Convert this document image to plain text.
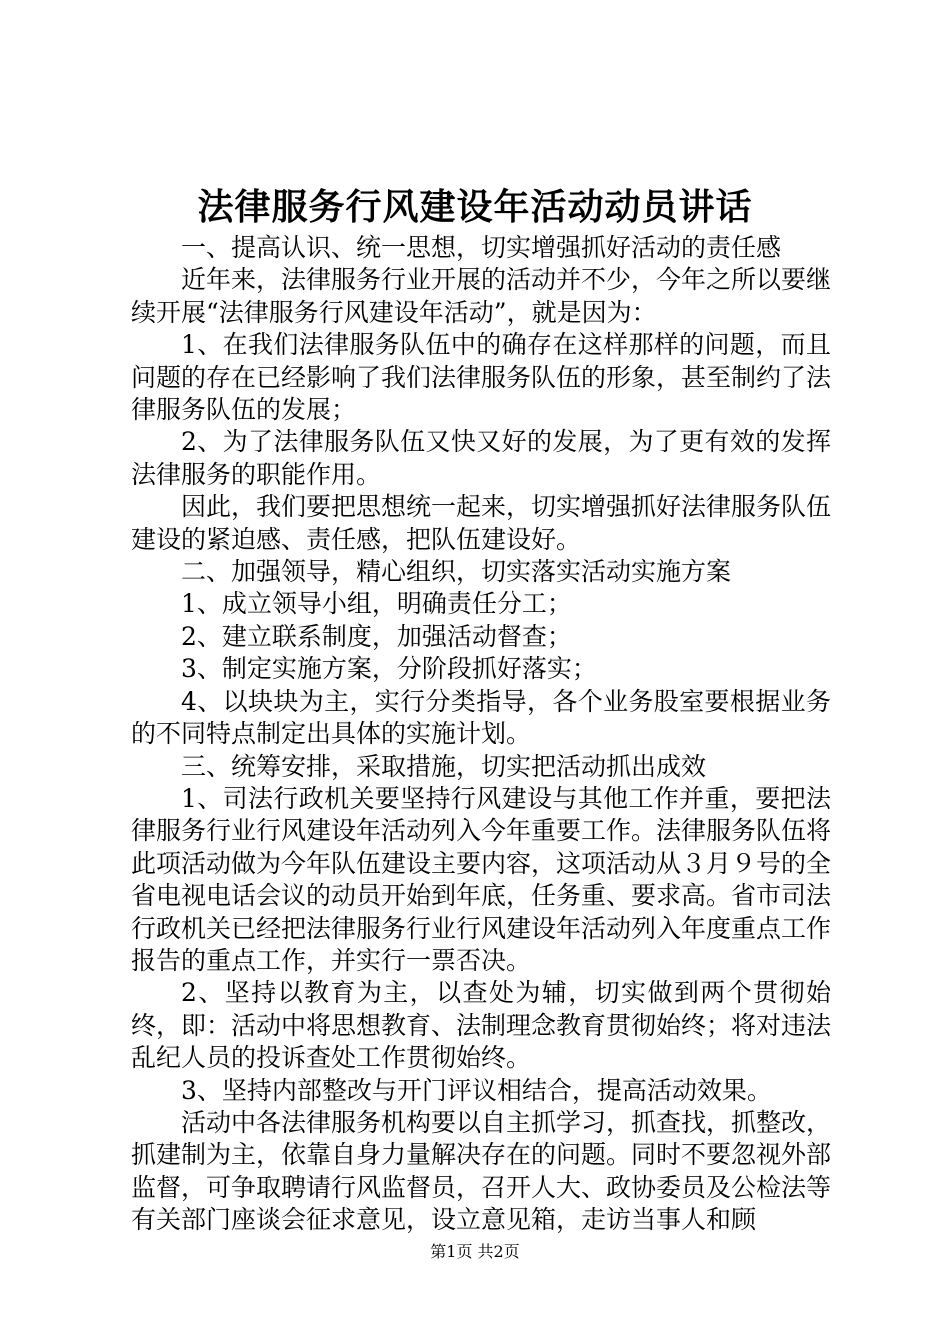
法律服务行风建设年活动动员讲话

一、提高认识、统一思想，切实增强抓好活动的责任感

近年来，法律服务行业开展的活动并不少，今年之所以要继续开展“法律服务行风建设年活动”，就是因为：

1、在我们法律服务队伍中的确存在这样那样的问题，而且问题的存在已经影响了我们法律服务队伍的形象，甚至制约了法律服务队伍的发展；

2、为了法律服务队伍又快又好的发展，为了更有效的发挥法律服务的职能作用。

因此，我们要把思想统一起来，切实增强抓好法律服务队伍建设的紧迫感、责任感，把队伍建设好。

二、加强领导，精心组织，切实落实活动实施方案

1、成立领导小组，明确责任分工；

2、建立联系制度，加强活动督查；

3、制定实施方案，分阶段抓好落实；

4、以块块为主，实行分类指导，各个业务股室要根据业务的不同特点制定出具体的实施计划。

三、统筹安排，采取措施，切实把活动抓出成效

1、司法行政机关要坚持行风建设与其他工作并重，要把法律服务行业行风建设年活动列入今年重要工作。法律服务队伍将此项活动做为今年队伍建设主要内容，这项活动从３月９号的全省电视电话会议的动员开始到年底，任务重、要求高。省市司法行政机关已经把法律服务行业行风建设年活动列入年度重点工作报告的重点工作，并实行一票否决。

2、坚持以教育为主，以查处为辅，切实做到两个贯彻始终，即：活动中将思想教育、法制理念教育贯彻始终；将对违法乱纪人员的投诉查处工作贯彻始终。

3、坚持内部整改与开门评议相结合，提高活动效果。

活动中各法律服务机构要以自主抓学习，抓查找，抓整改，抓建制为主，依靠自身力量解决存在的问题。同时不要忽视外部监督，可争取聘请行风监督员，召开人大、政协委员及公检法等有关部门座谈会征求意见，设立意见箱，走访当事人和顾

第1页 共2页
